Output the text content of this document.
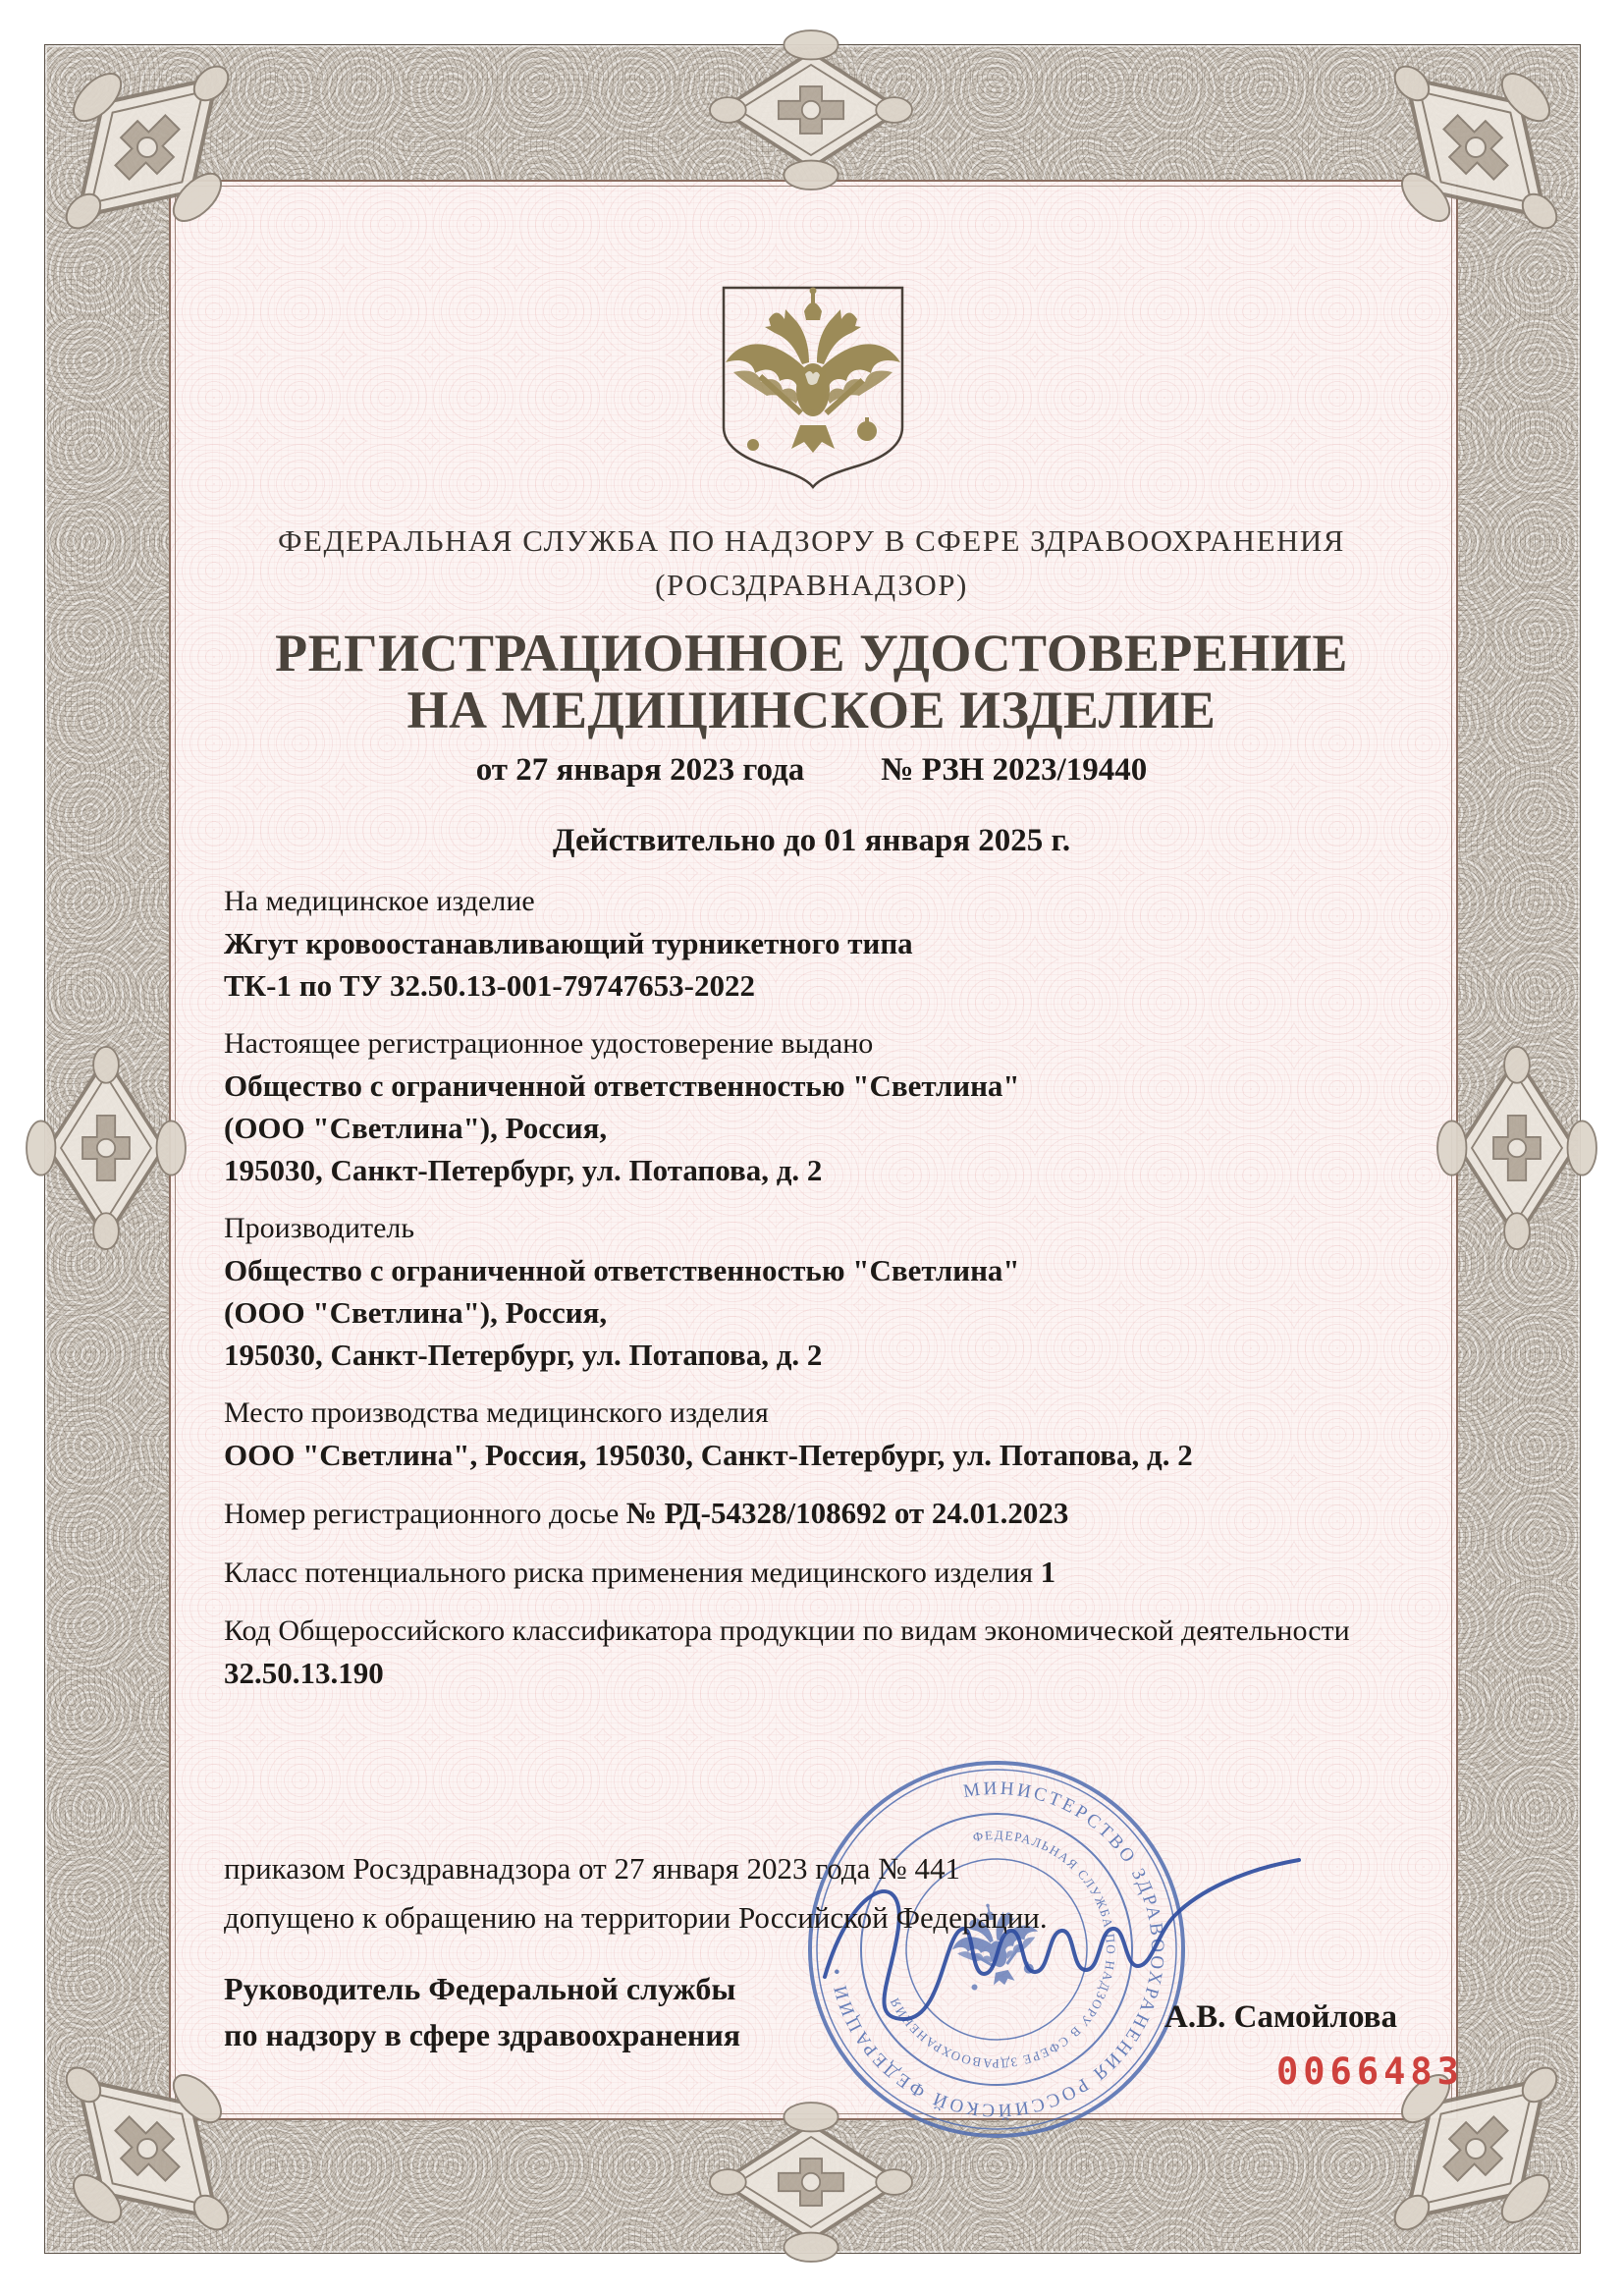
ФЕДЕРАЛЬНАЯ СЛУЖБА ПО НАДЗОРУ В СФЕРЕ ЗДРАВООХРАНЕНИЯ
(РОСЗДРАВНАДЗОР)
РЕГИСТРАЦИОННОЕ УДОСТОВЕРЕНИЕ
НА МЕДИЦИНСКОЕ ИЗДЕЛИЕ
от 27 января 2023 года № РЗН 2023/19440
Действительно до 01 января 2025 г.
На медицинское изделие
Жгут кровоостанавливающий турникетного типа
ТК-1 по ТУ 32.50.13-001-79747653-2022
Настоящее регистрационное удостоверение выдано
Общество с ограниченной ответственностью "Светлина"
(ООО "Светлина"), Россия,
195030, Санкт-Петербург, ул. Потапова, д. 2
Производитель
Общество с ограниченной ответственностью "Светлина"
(ООО "Светлина"), Россия,
195030, Санкт-Петербург, ул. Потапова, д. 2
Место производства медицинского изделия
ООО "Светлина", Россия, 195030, Санкт-Петербург, ул. Потапова, д. 2
Номер регистрационного досье № РД-54328/108692 от 24.01.2023
Класс потенциального риска применения медицинского изделия 1
Код Общероссийского классификатора продукции по видам экономической деятельности 32.50.13.190
приказом Росздравнадзора от 27 января 2023 года № 441
допущено к обращению на территории Российской Федерации.
Руководитель Федеральной службы
по надзору в сфере здравоохранения
МИНИСТЕРСТВО ЗДРАВООХРАНЕНИЯ РОССИЙСКОЙ ФЕДЕРАЦИИ •
ФЕДЕРАЛЬНАЯ СЛУЖБА ПО НАДЗОРУ В СФЕРЕ ЗДРАВООХРАНЕНИЯ	А.В. Самойлова
0066483
